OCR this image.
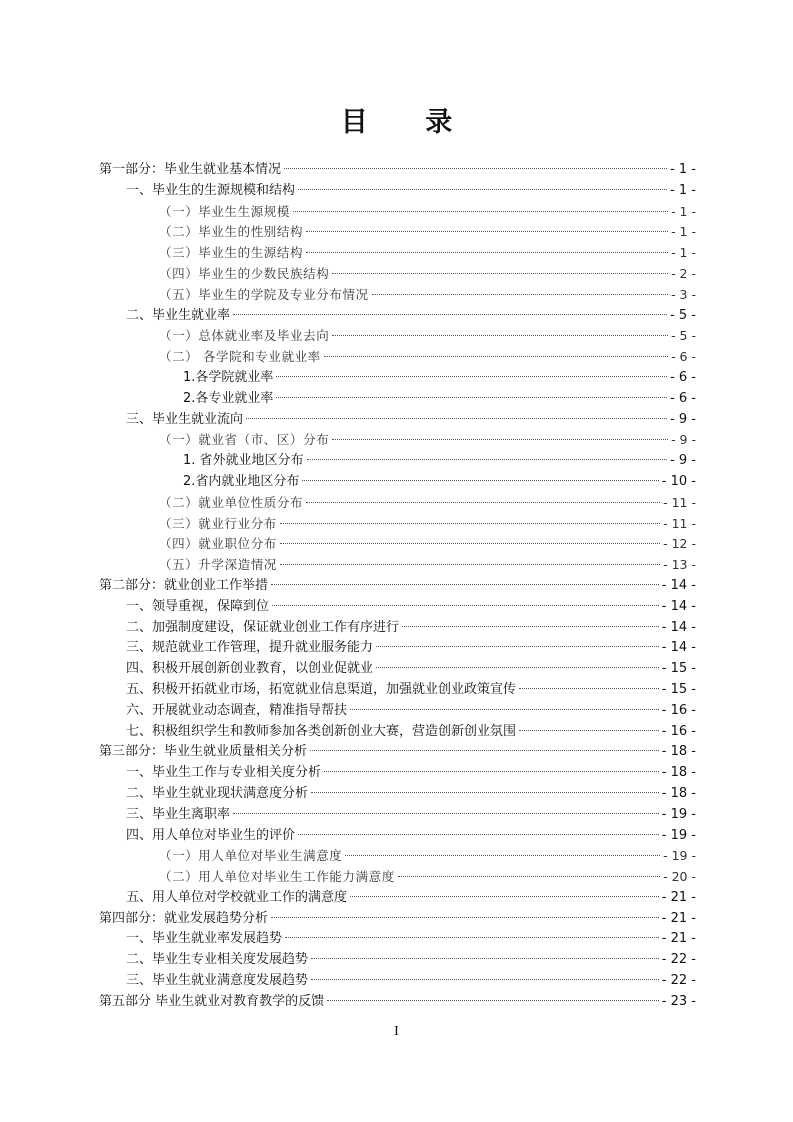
目 录
第一部分：毕业生就业基本情况	- 1 -
一、毕业生的生源规模和结构	- 1 -
（一）毕业生生源规模	- 1 -
（二）毕业生的性别结构	- 1 -
（三）毕业生的生源结构	- 1 -
（四）毕业生的少数民族结构	- 2 -
（五）毕业生的学院及专业分布情况	- 3 -
二、毕业生就业率	- 5 -
（一）总体就业率及毕业去向	- 5 -
（二） 各学院和专业就业率	- 6 -
1.各学院就业率	- 6 -
2.各专业就业率	- 6 -
三、毕业生就业流向	- 9 -
（一）就业省（市、区）分布	- 9 -
1. 省外就业地区分布	- 9 -
2.省内就业地区分布	- 10 -
（二）就业单位性质分布	- 11 -
（三）就业行业分布	- 11 -
（四）就业职位分布	- 12 -
（五）升学深造情况	- 13 -
第二部分：就业创业工作举措	- 14 -
一、领导重视，保障到位	- 14 -
二、加强制度建设，保证就业创业工作有序进行	- 14 -
三、规范就业工作管理，提升就业服务能力	- 14 -
四、积极开展创新创业教育，以创业促就业	- 15 -
五、积极开拓就业市场，拓宽就业信息渠道，加强就业创业政策宣传	- 15 -
六、开展就业动态调查，精准指导帮扶	- 16 -
七、积极组织学生和教师参加各类创新创业大赛，营造创新创业氛围	- 16 -
第三部分：毕业生就业质量相关分析	- 18 -
一、毕业生工作与专业相关度分析	- 18 -
二、毕业生就业现状满意度分析	- 18 -
三、毕业生离职率	- 19 -
四、用人单位对毕业生的评价	- 19 -
（一）用人单位对毕业生满意度	- 19 -
（二）用人单位对毕业生工作能力满意度	- 20 -
五、用人单位对学校就业工作的满意度	- 21 -
第四部分：就业发展趋势分析	- 21 -
一、毕业生就业率发展趋势	- 21 -
二、毕业生专业相关度发展趋势	- 22 -
三、毕业生就业满意度发展趋势	- 22 -
第五部分 毕业生就业对教育教学的反馈	- 23 -
I
